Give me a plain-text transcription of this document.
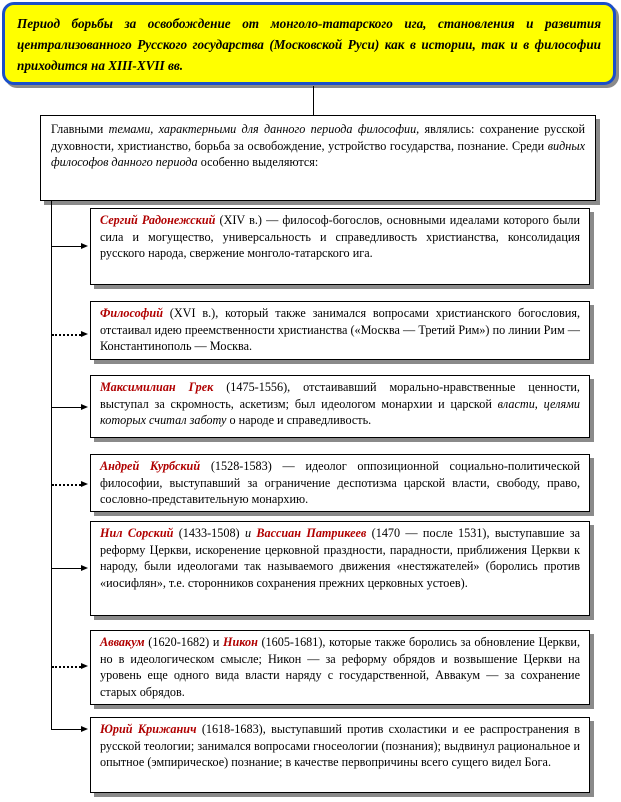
Период борьбы за освобождение от монголо-татарского ига, становления и развития централизованного Русского государства (Московской Руси) как в истории, так и в философии приходится на XIII-XVII вв.
Главными темами, характерными для данного периода философии, являлись: сохранение русской духовности, христианство, борьба за освобождение, устройство государства, познание. Среди видных философов данного периода особенно выделяются:
Сергий Радонежский (XIV в.) — философ-богослов, основными идеалами которого были сила и могущество, универсальность и справедливость христианства, консолидация русского народа, свержение монголо-татарского ига.
Философий (XVI в.), который также занимался вопросами христианского богословия, отстаивал идею преемственности христианства («Москва — Третий Рим») по линии Рим — Константинополь — Москва.
Максимилиан Грек (1475-1556), отстаивавший морально-нравственные ценности, выступал за скромность, аскетизм; был идеологом монархии и царской власти, целями которых считал заботу о народе и справедливость.
Андрей Курбский (1528-1583) — идеолог оппозиционной социально-политической философии, выступавший за ограничение деспотизма царской власти, свободу, право, сословно-представительную монархию.
Нил Сорский (1433-1508) и Вассиан Патрикеев (1470 — после 1531), выступавшие за реформу Церкви, искоренение церковной праздности, парадности, приближения Церкви к народу, были идеологами так называемого движения «нестяжателей» (боролись против «иосифлян», т.е. сторонников сохранения прежних церковных устоев).
Аввакум (1620-1682) и Никон (1605-1681), которые также боролись за обновление Церкви, но в идеологическом смысле; Никон — за реформу обрядов и возвышение Церкви на уровень еще одного вида власти наряду с государственной, Аввакум — за сохранение старых обрядов.
Юрий Крижанич (1618-1683), выступавший против схоластики и ее распространения в русской теологии; занимался вопросами гносеологии (познания); выдвинул рациональное и опытное (эмпирическое) познание; в качестве первопричины всего сущего видел Бога.
